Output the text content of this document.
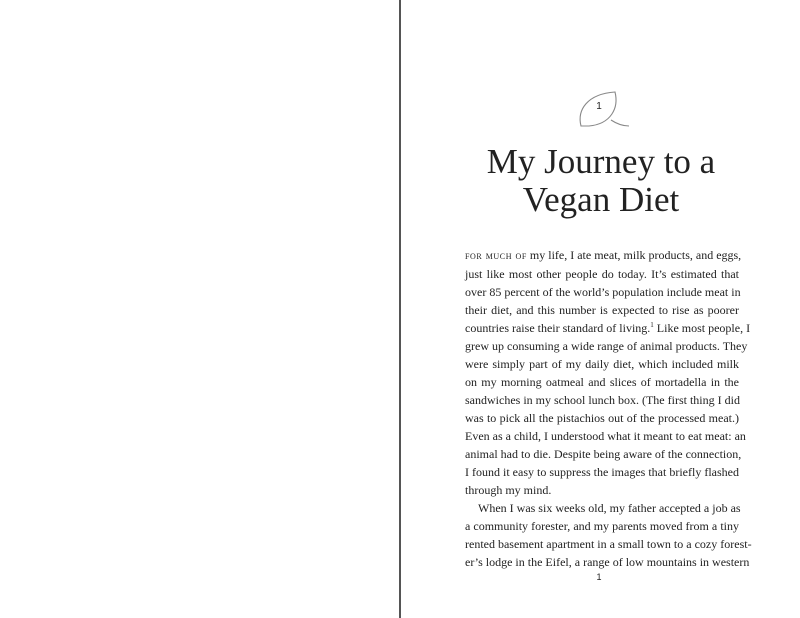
1
My Journey to a
Vegan Diet
for much of my life, I ate meat, milk products, and eggs,
just like most other people do today. It’s estimated that
over 85 percent of the world’s population include meat in
their diet, and this number is expected to rise as poorer
countries raise their standard of living.$^1$ Like most people, I
grew up consuming a wide range of animal products. They
were simply part of my daily diet, which included milk
on my morning oatmeal and slices of mortadella in the
sandwiches in my school lunch box. (The first thing I did
was to pick all the pistachios out of the processed meat.)
Even as a child, I understood what it meant to eat meat: an
animal had to die. Despite being aware of the connection,
I found it easy to suppress the images that briefly flashed
through my mind.
When I was six weeks old, my father accepted a job as
a community forester, and my parents moved from a tiny
rented basement apartment in a small town to a cozy forest-
er’s lodge in the Eifel, a range of low mountains in western
1
